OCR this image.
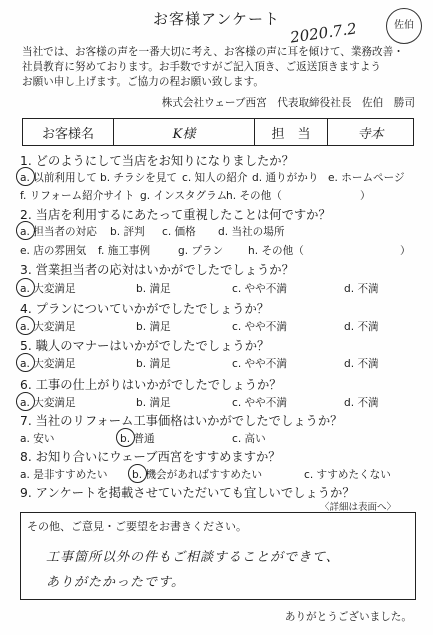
お客様アンケート
2020.7.2	佐伯
当社では、お客様の声を一番大切に考え、お客様の声に耳を傾けて、業務改善・
社員教育に努めております。お手数ですがご記入頂き、ご返送頂きますよう
お願い申し上げます。ご協力の程お願い致します。
株式会社ウェーブ西宮　代表取締役社長　佐伯　勝司
お客様名	K様	担　当	寺本
1. どのようにして当店をお知りになりましたか？
a. 以前利用して b. チラシを見て c. 知人の紹介 d. 通りがかり e. ホームページ
f. リフォーム紹介サイト g. インスタグラム
h. その他（	）
2. 当店を利用するにあたって重視したことは何ですか？
a. 担当者の対応 b. 評判 c. 価格 d. 当社の場所
e. 店の雰囲気 f. 施工事例	g. プラン h. その他（	）
3. 営業担当者の応対はいかがでしたでしょうか？
a. 大変満足	b. 満足	c. やや不満	d. 不満
4. プランについていかがでしたでしょうか？
a. 大変満足	b. 満足	c. やや不満	d. 不満
5. 職人のマナーはいかがでしたでしょうか？
a. 大変満足	b. 満足	c. やや不満	d. 不満
6. 工事の仕上がりはいかがでしたでしょうか？
a. 大変満足	b. 満足	c. やや不満	d. 不満
7. 当社のリフォーム工事価格はいかがでしたでしょうか？
a. 安い	b. 普通	c. 高い
8. お知り合いにウェーブ西宮をすすめますか？
a. 是非すすめたい b. 機会があればすすめたい	c. すすめたくない
9. アンケートを掲載させていただいても宜しいでしょうか？
〈詳細は表面へ〉
その他、ご意見・ご要望をお書きください。
工事箇所以外の件もご相談することができて、
ありがたかったです。
ありがとうございました。
